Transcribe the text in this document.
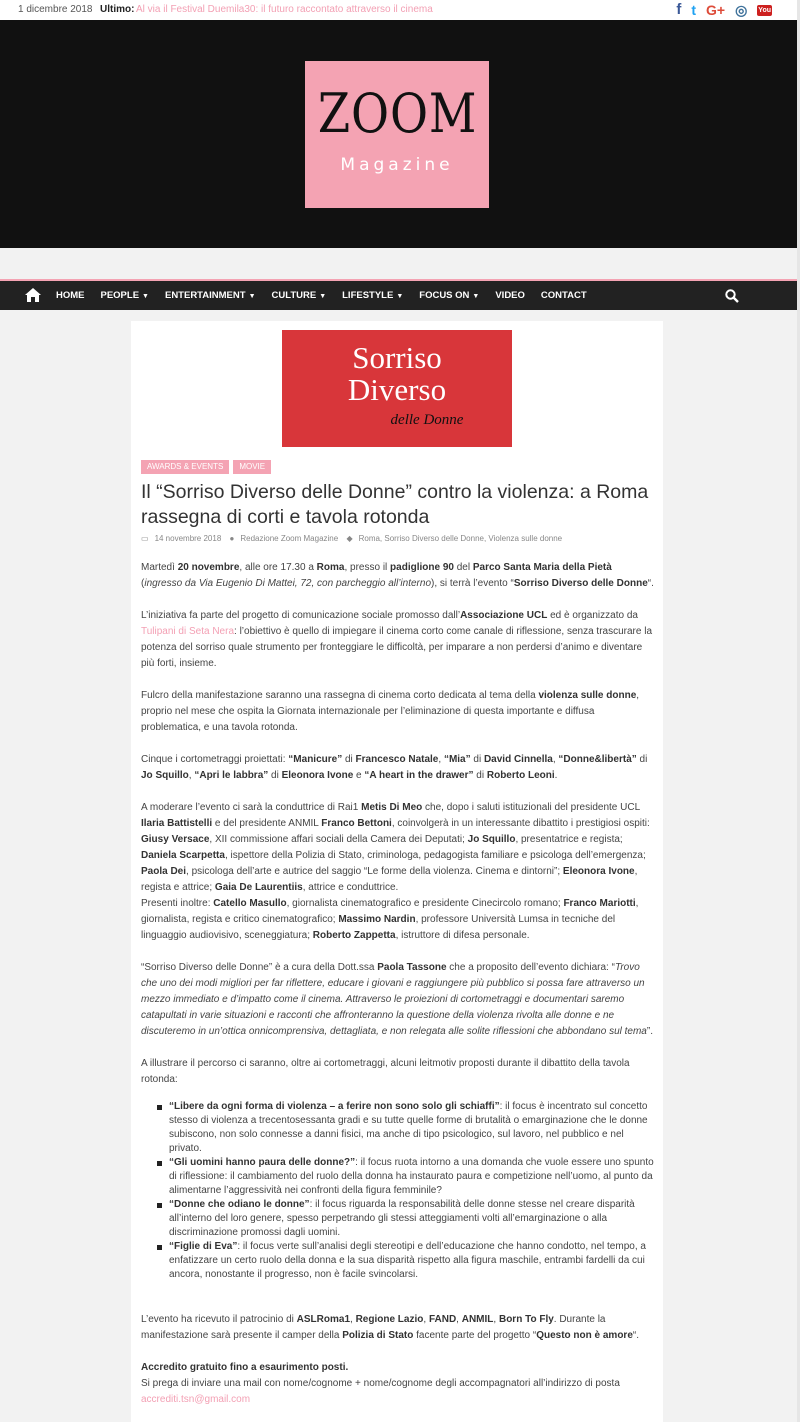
1 dicembre 2018 Ultimo: Al via il Festival Duemila30: il futuro raccontato attraverso il cinema	f t G+ ◎ You
ZOOM
Magazine
HOME PEOPLE ▼ ENTERTAINMENT ▼ CULTURE ▼ LIFESTYLE ▼ FOCUS ON ▼ VIDEO CONTACT
Sorriso
Diverso
delle Donne
AWARDS & EVENTS	MOVIE
Il “Sorriso Diverso delle Donne” contro la violenza: a Roma rassegna di corti e tavola rotonda
▭ 14 novembre 2018 ● Redazione Zoom Magazine ◆ Roma, Sorriso Diverso delle Donne, Violenza sulle donne

Martedì 20 novembre, alle ore 17.30 a Roma, presso il padiglione 90 del Parco Santa Maria della Pietà (ingresso da Via Eugenio Di Mattei, 72, con parcheggio all’interno), si terrà l’evento “Sorriso Diverso delle Donne“.

L’iniziativa fa parte del progetto di comunicazione sociale promosso dall’Associazione UCL ed è organizzato da Tulipani di Seta Nera: l’obiettivo è quello di impiegare il cinema corto come canale di riflessione, senza trascurare la potenza del sorriso quale strumento per fronteggiare le difficoltà, per imparare a non perdersi d’animo e diventare più forti, insieme.

Fulcro della manifestazione saranno una rassegna di cinema corto dedicata al tema della violenza sulle donne, proprio nel mese che ospita la Giornata internazionale per l’eliminazione di questa importante e diffusa problematica, e una tavola rotonda.

Cinque i cortometraggi proiettati: “Manicure” di Francesco Natale, “Mia” di David Cinnella, “Donne&libertà” di Jo Squillo, “Apri le labbra” di Eleonora Ivone e “A heart in the drawer” di Roberto Leoni.

A moderare l’evento ci sarà la conduttrice di Rai1 Metis Di Meo che, dopo i saluti istituzionali del presidente UCL Ilaria Battistelli e del presidente ANMIL Franco Bettoni, coinvolgerà in un interessante dibattito i prestigiosi ospiti: Giusy Versace, XII commissione affari sociali della Camera dei Deputati; Jo Squillo, presentatrice e regista; Daniela Scarpetta, ispettore della Polizia di Stato, criminologa, pedagogista familiare e psicologa dell’emergenza; Paola Dei, psicologa dell’arte e autrice del saggio “Le forme della violenza. Cinema e dintorni”; Eleonora Ivone, regista e attrice; Gaia De Laurentiis, attrice e conduttrice.
Presenti inoltre: Catello Masullo, giornalista cinematografico e presidente Cinecircolo romano; Franco Mariotti, giornalista, regista e critico cinematografico; Massimo Nardin, professore Università Lumsa in tecniche del linguaggio audiovisivo, sceneggiatura; Roberto Zappetta, istruttore di difesa personale.

“Sorriso Diverso delle Donne” è a cura della Dott.ssa Paola Tassone che a proposito dell’evento dichiara: “Trovo che uno dei modi migliori per far riflettere, educare i giovani e raggiungere più pubblico si possa fare attraverso un mezzo immediato e d’impatto come il cinema. Attraverso le proiezioni di cortometraggi e documentari saremo catapultati in varie situazioni e racconti che affronteranno la questione della violenza rivolta alle donne e ne discuteremo in un’ottica onnicomprensiva, dettagliata, e non relegata alle solite riflessioni che abbondano sul tema”.

A illustrare il percorso ci saranno, oltre ai cortometraggi, alcuni leitmotiv proposti durante il dibattito della tavola rotonda:

“Libere da ogni forma di violenza – a ferire non sono solo gli schiaffi”: il focus è incentrato sul concetto stesso di violenza a trecentosessanta gradi e su tutte quelle forme di brutalità o emarginazione che le donne subiscono, non solo connesse a danni fisici, ma anche di tipo psicologico, sul lavoro, nel pubblico e nel privato.
“Gli uomini hanno paura delle donne?”: il focus ruota intorno a una domanda che vuole essere uno spunto di riflessione: il cambiamento del ruolo della donna ha instaurato paura e competizione nell’uomo, al punto da alimentarne l’aggressività nei confronti della figura femminile?
“Donne che odiano le donne”: il focus riguarda la responsabilità delle donne stesse nel creare disparità all’interno del loro genere, spesso perpetrando gli stessi atteggiamenti volti all’emarginazione o alla discriminazione promossi dagli uomini.
“Figlie di Eva”: il focus verte sull’analisi degli stereotipi e dell’educazione che hanno condotto, nel tempo, a enfatizzare un certo ruolo della donna e la sua disparità rispetto alla figura maschile, entrambi fardelli da cui ancora, nonostante il progresso, non è facile svincolarsi.

L’evento ha ricevuto il patrocinio di ASLRoma1, Regione Lazio, FAND, ANMIL, Born To Fly. Durante la manifestazione sarà presente il camper della Polizia di Stato facente parte del progetto “Questo non è amore“.

Accredito gratuito fino a esaurimento posti.
Si prega di inviare una mail con nome/cognome + nome/cognome degli accompagnatori all’indirizzo di posta accrediti.tsn@gmail.com
